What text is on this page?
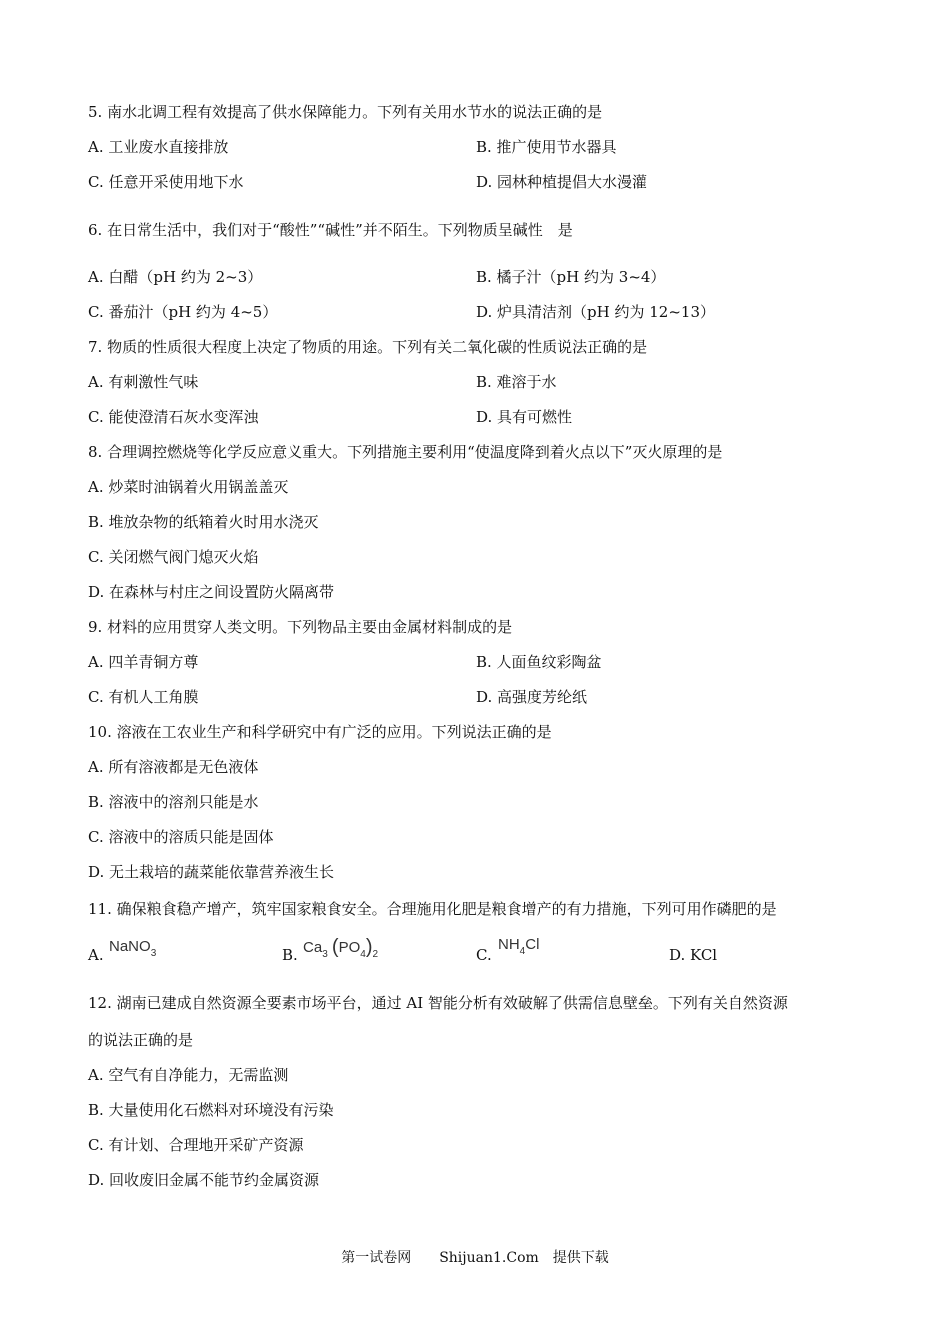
5. 南水北调工程有效提高了供水保障能力。下列有关用水节水的说法正确的是
A. 工业废水直接排放	B. 推广使用节水器具
C. 任意开采使用地下水	D. 园林种植提倡大水漫灌
6. 在日常生活中，我们对于“酸性”“碱性”并不陌生。下列物质呈碱性　是
A. 白醋（pH 约为 2~3）	B. 橘子汁（pH 约为 3~4）
C. 番茄汁（pH 约为 4~5）	D. 炉具清洁剂（pH 约为 12~13）
7. 物质的性质很大程度上决定了物质的用途。下列有关二氧化碳的性质说法正确的是
A. 有刺激性气味	B. 难溶于水
C. 能使澄清石灰水变浑浊	D. 具有可燃性
8. 合理调控燃烧等化学反应意义重大。下列措施主要利用“使温度降到着火点以下”灭火原理的是
A. 炒菜时油锅着火用锅盖盖灭
B. 堆放杂物的纸箱着火时用水浇灭
C. 关闭燃气阀门熄灭火焰
D. 在森林与村庄之间设置防火隔离带
9. 材料的应用贯穿人类文明。下列物品主要由金属材料制成的是
A. 四羊青铜方尊	B. 人面鱼纹彩陶盆
C. 有机人工角膜	D. 高强度芳纶纸
10. 溶液在工农业生产和科学研究中有广泛的应用。下列说法正确的是
A. 所有溶液都是无色液体
B. 溶液中的溶剂只能是水
C. 溶液中的溶质只能是固体
D. 无土栽培的蔬菜能依靠营养液生长
11. 确保粮食稳产增产，筑牢国家粮食安全。合理施用化肥是粮食增产的有力措施，下列可用作磷肥的是
A. NaNO$_3$	B. $Ca_3$ $(PO_4)_2$	C.
$NH_4Cl$
D. KCl
12. 湖南已建成自然资源全要素市场平台，通过 AI 智能分析有效破解了供需信息壁垒。下列有关自然资源
的说法正确的是
A. 空气有自净能力，无需监测
B. 大量使用化石燃料对环境没有污染
C. 有计划、合理地开采矿产资源
D. 回收废旧金属不能节约金属资源
第一试卷网　　Shijuan1.Com　提供下载
